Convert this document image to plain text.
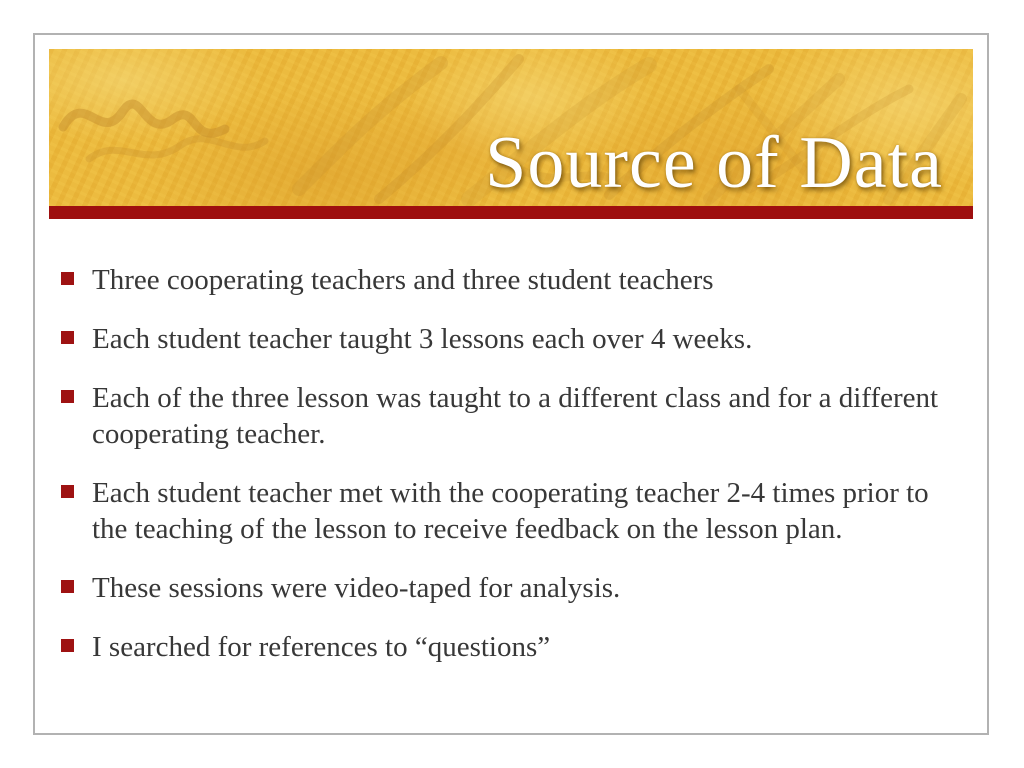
Source of Data
Three cooperating teachers and three student teachers
Each student teacher taught 3 lessons each over 4 weeks.
Each of the three lesson was taught to a different class and for a different cooperating teacher.
Each student teacher met with the cooperating teacher 2-4 times prior to the teaching of the lesson to receive feedback on the lesson plan.
These sessions were video-taped for analysis.
I searched for references to “questions”
